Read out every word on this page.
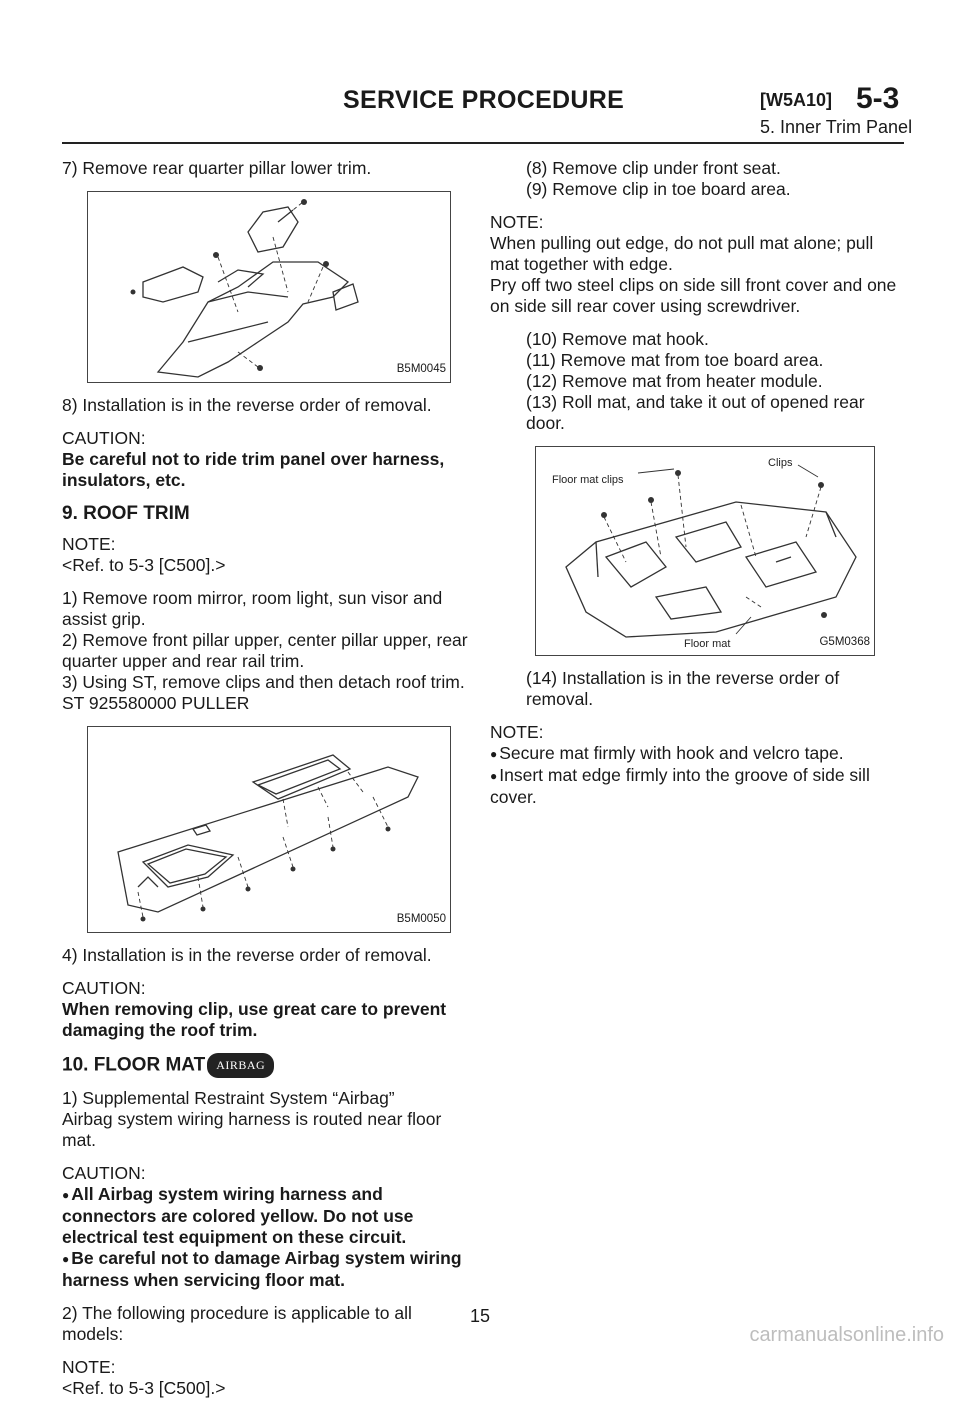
SERVICE PROCEDURE	[W5A10] 5-3
5. Inner Trim Panel

7) Remove rear quarter pillar lower trim.

B5M0045

8) Installation is in the reverse order of removal.

CAUTION:

Be careful not to ride trim panel over harness, insulators, etc.

9. ROOF TRIM

NOTE:

<Ref. to 5-3 [C500].>

1) Remove room mirror, room light, sun visor and assist grip.

2) Remove front pillar upper, center pillar upper, rear quarter upper and rear rail trim.

3) Using ST, remove clips and then detach roof trim.

ST 925580000 PULLER

B5M0050

4) Installation is in the reverse order of removal.

CAUTION:

When removing clip, use great care to prevent damaging the roof trim.

10. FLOOR MAT AIRBAG

1) Supplemental Restraint System “Airbag”

Airbag system wiring harness is routed near floor mat.

CAUTION:

● All Airbag system wiring harness and connectors are colored yellow. Do not use electrical test equipment on these circuit.

● Be careful not to damage Airbag system wiring harness when servicing floor mat.

2) The following procedure is applicable to all models:

NOTE:

<Ref. to 5-3 [C500].>

(8) Remove clip under front seat.

(9) Remove clip in toe board area.

NOTE:

When pulling out edge, do not pull mat alone; pull mat together with edge.

Pry off two steel clips on side sill front cover and one on side sill rear cover using screwdriver.

(10) Remove mat hook.

(11) Remove mat from toe board area.

(12) Remove mat from heater module.

(13) Roll mat, and take it out of opened rear door.

Clips
Floor mat clips
Floor mat	G5M0368

(14) Installation is in the reverse order of removal.

NOTE:

● Secure mat firmly with hook and velcro tape.

● Insert mat edge firmly into the groove of side sill cover.

15
carmanualsonline.info
